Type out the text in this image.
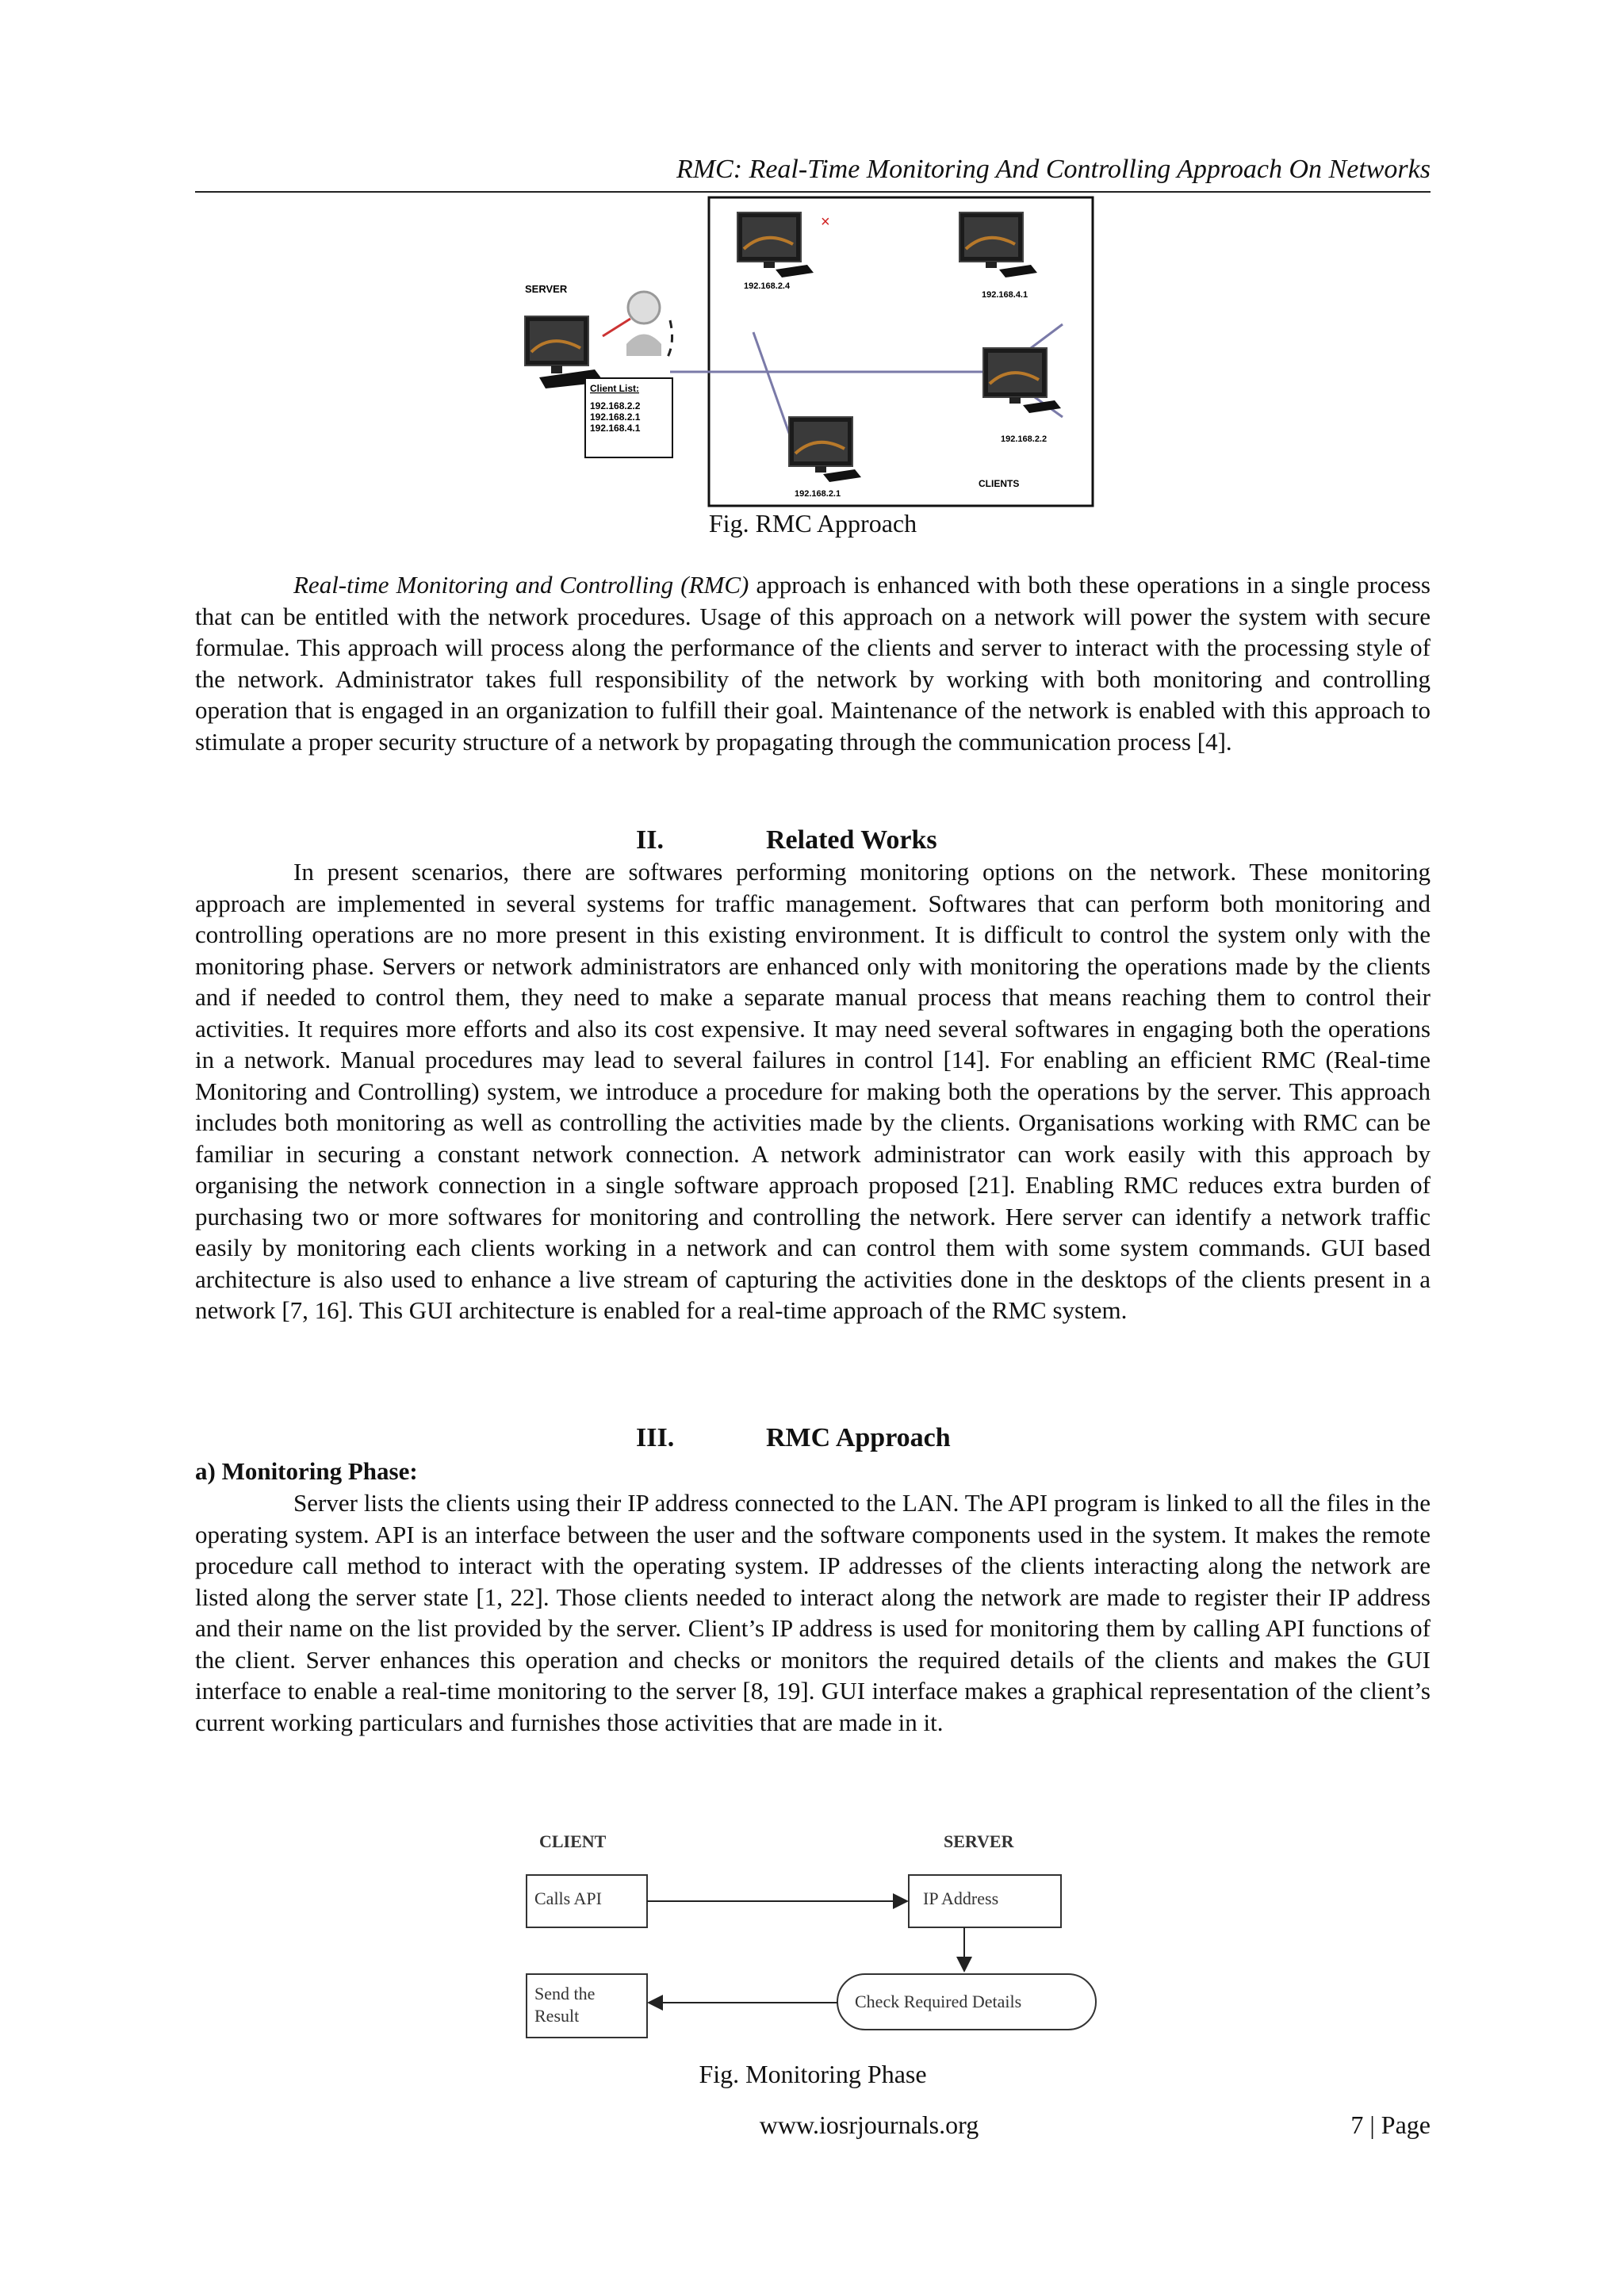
RMC: Real-Time Monitoring And Controlling Approach On Networks
SERVER
Client List:
192.168.2.2
192.168.2.1
192.168.4.1
×
192.168.2.4
192.168.4.1
192.168.2.2
192.168.2.1
CLIENTS
Fig. RMC Approach

Real-time Monitoring and Controlling (RMC) approach is enhanced with both these operations in a single process that can be entitled with the network procedures. Usage of this approach on a network will power the system with secure formulae. This approach will process along the performance of the clients and server to interact with the processing style of the network. Administrator takes full responsibility of the network by working with both monitoring and controlling operation that is engaged in an organization to fulfill their goal. Maintenance of the network is enabled with this approach to stimulate a proper security structure of a network by propagating through the communication process [4].

II.	Related Works

In present scenarios, there are softwares performing monitoring options on the network. These monitoring approach are implemented in several systems for traffic management. Softwares that can perform both monitoring and controlling operations are no more present in this existing environment. It is difficult to control the system only with the monitoring phase. Servers or network administrators are enhanced only with monitoring the operations made by the clients and if needed to control them, they need to make a separate manual process that means reaching them to control their activities. It requires more efforts and also its cost expensive. It may need several softwares in engaging both the operations in a network. Manual procedures may lead to several failures in control [14]. For enabling an efficient RMC (Real-time Monitoring and Controlling) system, we introduce a procedure for making both the operations by the server. This approach includes both monitoring as well as controlling the activities made by the clients. Organisations working with RMC can be familiar in securing a constant network connection. A network administrator can work easily with this approach by organising the network connection in a single software approach proposed [21]. Enabling RMC reduces extra burden of purchasing two or more softwares for monitoring and controlling the network. Here server can identify a network traffic easily by monitoring each clients working in a network and can control them with some system commands. GUI based architecture is also used to enhance a live stream of capturing the activities done in the desktops of the clients present in a network [7, 16]. This GUI architecture is enabled for a real-time approach of the RMC system.

III.	RMC Approach
a) Monitoring Phase:

Server lists the clients using their IP address connected to the LAN. The API program is linked to all the files in the operating system. API is an interface between the user and the software components used in the system. It makes the remote procedure call method to interact with the operating system. IP addresses of the clients interacting along the network are listed along the server state [1, 22]. Those clients needed to interact along the network are made to register their IP address and their name on the list provided by the server. Client’s IP address is used for monitoring them by calling API functions of the client. Server enhances this operation and checks or monitors the required details of the clients and makes the GUI interface to enable a real-time monitoring to the server [8, 19]. GUI interface makes a graphical representation of the client’s current working particulars and furnishes those activities that are made in it.

CLIENT	SERVER
Calls API	IP Address
Check Required Details
Send the
Result
Fig. Monitoring Phase
www.iosrjournals.org	7 | Page
